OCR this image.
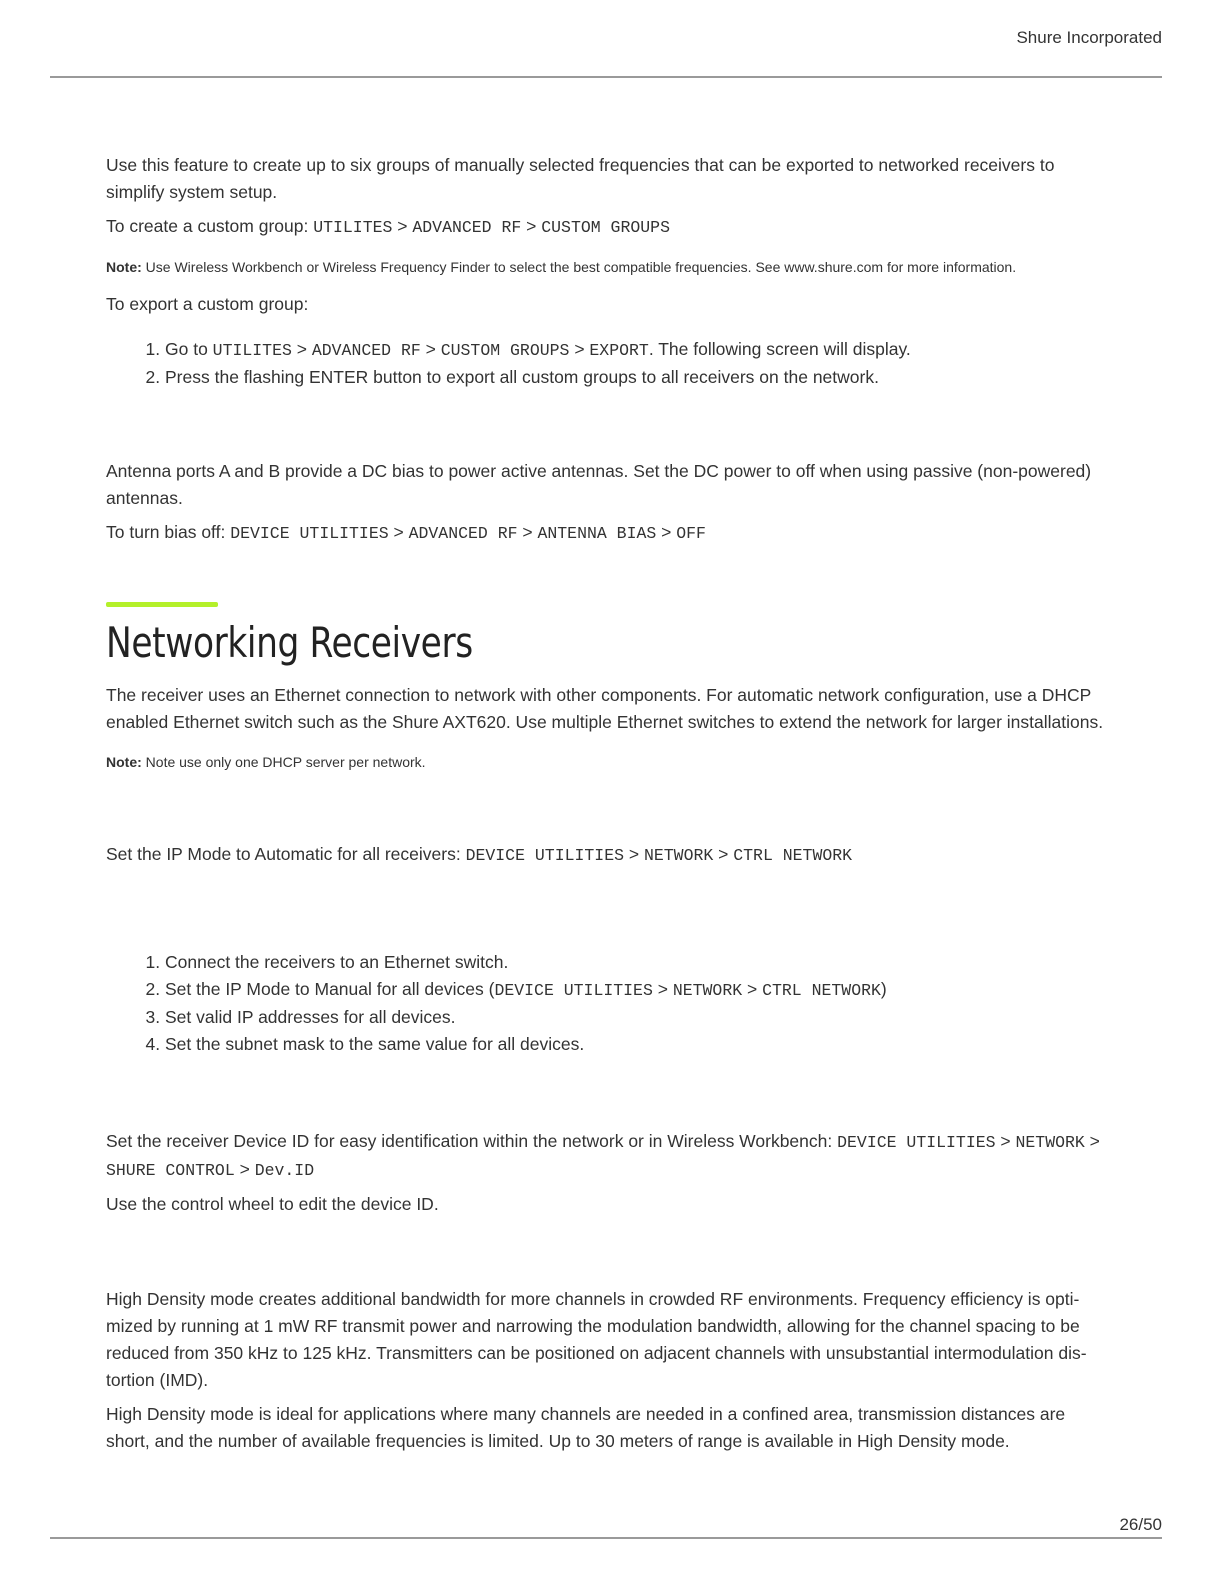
Shure Incorporated

Use this feature to create up to six groups of manually selected frequencies that can be exported to networked receivers to simplify system setup.

To create a custom group: UTILITES > ADVANCED RF > CUSTOM GROUPS

Note: Use Wireless Workbench or Wireless Frequency Finder to select the best compatible frequencies. See www.shure.com for more information.

To export a custom group:

1. Go to UTILITES > ADVANCED RF > CUSTOM GROUPS > EXPORT. The following screen will display.
2. Press the flashing ENTER button to export all custom groups to all receivers on the network.

Antenna ports A and B provide a DC bias to power active antennas. Set the DC power to off when using passive (non-powered) antennas.

To turn bias off: DEVICE UTILITIES > ADVANCED RF > ANTENNA BIAS > OFF

Networking Receivers

The receiver uses an Ethernet connection to network with other components. For automatic network configuration, use a DHCP enabled Ethernet switch such as the Shure AXT620. Use multiple Ethernet switches to extend the network for larger installations.

Note: Note use only one DHCP server per network.

Set the IP Mode to Automatic for all receivers: DEVICE UTILITIES > NETWORK > CTRL NETWORK

1. Connect the receivers to an Ethernet switch.
2. Set the IP Mode to Manual for all devices (DEVICE UTILITIES > NETWORK > CTRL NETWORK)
3. Set valid IP addresses for all devices.
4. Set the subnet mask to the same value for all devices.

Set the receiver Device ID for easy identification within the network or in Wireless Workbench: DEVICE UTILITIES > NETWORK > SHURE CONTROL > Dev.ID

Use the control wheel to edit the device ID.

High Density mode creates additional bandwidth for more channels in crowded RF environments. Frequency efficiency is optimized by running at 1 mW RF transmit power and narrowing the modulation bandwidth, allowing for the channel spacing to be reduced from 350 kHz to 125 kHz. Transmitters can be positioned on adjacent channels with unsubstantial intermodulation distortion (IMD).

High Density mode is ideal for applications where many channels are needed in a confined area, transmission distances are short, and the number of available frequencies is limited. Up to 30 meters of range is available in High Density mode.

26/50
